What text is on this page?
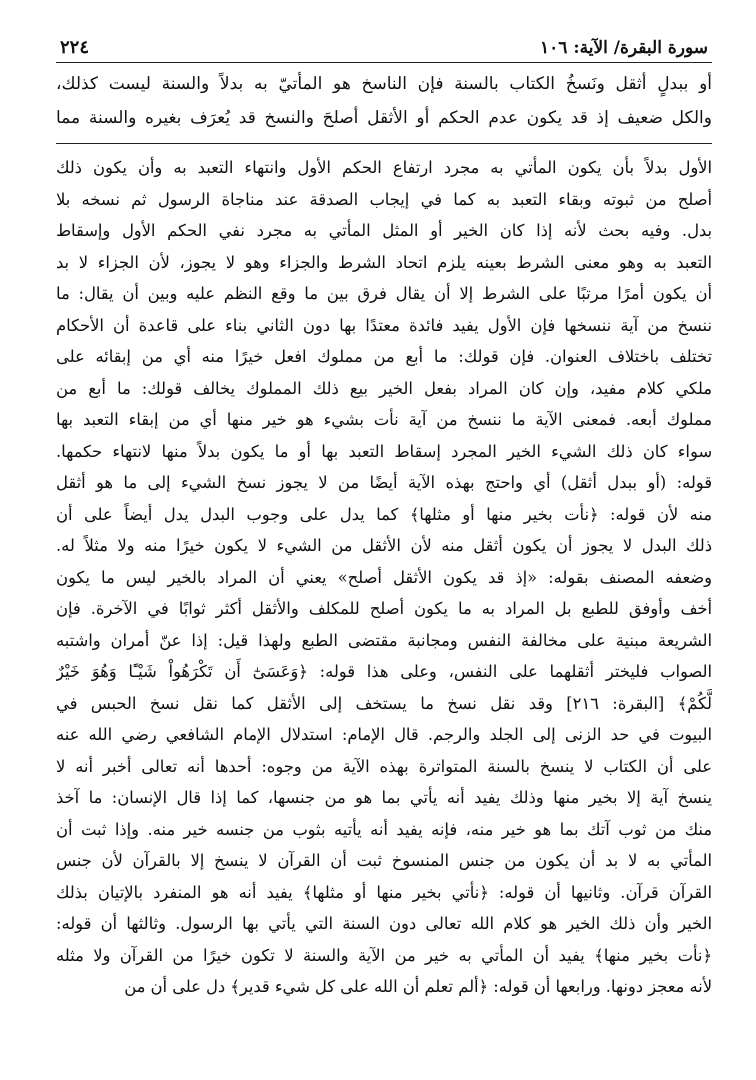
سورة البقرة/ الآية: ١٠٦
٢٢٤
أو ببدلٍ أثقل ونَسخُ الكتاب بالسنة فإن الناسخ هو المأتيّ به بدلاً والسنة ليست كذلك،
والكل ضعيف إذ قد يكون عدم الحكم أو الأثقل أصلحَ والنسخ قد يُعرَف بغيره والسنة مما
الأول بدلاً بأن يكون المأتي به مجرد ارتفاع الحكم الأول وانتهاء التعبد به وأن يكون ذلك
أصلح من ثبوته وبقاء التعبد به كما في إيجاب الصدقة عند مناجاة الرسول ثم نسخه بلا
بدل. وفيه بحث لأنه إذا كان الخير أو المثل المأتي به مجرد نفي الحكم الأول وإسقاط
التعبد به وهو معنى الشرط بعينه يلزم اتحاد الشرط والجزاء وهو لا يجوز، لأن الجزاء لا بد
أن يكون أمرًا مرتبًا على الشرط إلا أن يقال فرق بين ما وقع النظم عليه وبين أن يقال: ما
ننسخ من آية ننسخها فإن الأول يفيد فائدة معتدًا بها دون الثاني بناء على قاعدة أن الأحكام
تختلف باختلاف العنوان. فإن قولك: ما أبع من مملوك افعل خيرًا منه أي من إبقائه على
ملكي كلام مفيد، وإن كان المراد بفعل الخير بيع ذلك المملوك يخالف قولك: ما أبع من
مملوك أبعه. فمعنى الآية ما ننسخ من آية نأت بشيء هو خير منها أي من إبقاء التعبد بها
سواء كان ذلك الشيء الخير المجرد إسقاط التعبد بها أو ما يكون بدلاً منها لانتهاء حكمها.
قوله: (أو ببدل أثقل) أي واحتج بهذه الآية أيضًا من لا يجوز نسخ الشيء إلى ما هو أثقل
منه لأن قوله: ﴿نأت بخير منها أو مثلها﴾ كما يدل على وجوب البدل يدل أيضاً على أن
ذلك البدل لا يجوز أن يكون أثقل منه لأن الأثقل من الشيء لا يكون خيرًا منه ولا مثلاً له.
وضعفه المصنف بقوله: «إذ قد يكون الأثقل أصلح» يعني أن المراد بالخير ليس ما يكون
أخف وأوفق للطبع بل المراد به ما يكون أصلح للمكلف والأثقل أكثر ثوابًا في الآخرة. فإن
الشريعة مبنية على مخالفة النفس ومجانبة مقتضى الطبع ولهذا قيل: إذا عنّ أمران واشتبه
الصواب فليختر أثقلهما على النفس، وعلى هذا قوله: ﴿وَعَسَىٰٓ أَن تَكْرَهُواْ شَيْـًٔا وَهُوَ خَيْرٌ
لَّكُمْ﴾ [البقرة: ٢١٦] وقد نقل نسخ ما يستخف إلى الأثقل كما نقل نسخ الحبس في
البيوت في حد الزنى إلى الجلد والرجم. قال الإمام: استدلال الإمام الشافعي رضي الله عنه
على أن الكتاب لا ينسخ بالسنة المتواترة بهذه الآية من وجوه: أحدها أنه تعالى أخبر أنه لا
ينسخ آية إلا بخير منها وذلك يفيد أنه يأتي بما هو من جنسها، كما إذا قال الإنسان: ما آخذ
منك من ثوب آتك بما هو خير منه، فإنه يفيد أنه يأتيه بثوب من جنسه خير منه. وإذا ثبت أن
المأتي به لا بد أن يكون من جنس المنسوخ ثبت أن القرآن لا ينسخ إلا بالقرآن لأن جنس
القرآن قرآن. وثانيها أن قوله: ﴿نأتي بخير منها أو مثلها﴾ يفيد أنه هو المنفرد بالإتيان بذلك
الخير وأن ذلك الخير هو كلام الله تعالى دون السنة التي يأتي بها الرسول. وثالثها أن قوله:
﴿نأت بخير منها﴾ يفيد أن المأتي به خير من الآية والسنة لا تكون خيرًا من القرآن ولا مثله
لأنه معجز دونها. ورابعها أن قوله: ﴿ألم تعلم أن الله على كل شيء قدير﴾ دل على أن من
